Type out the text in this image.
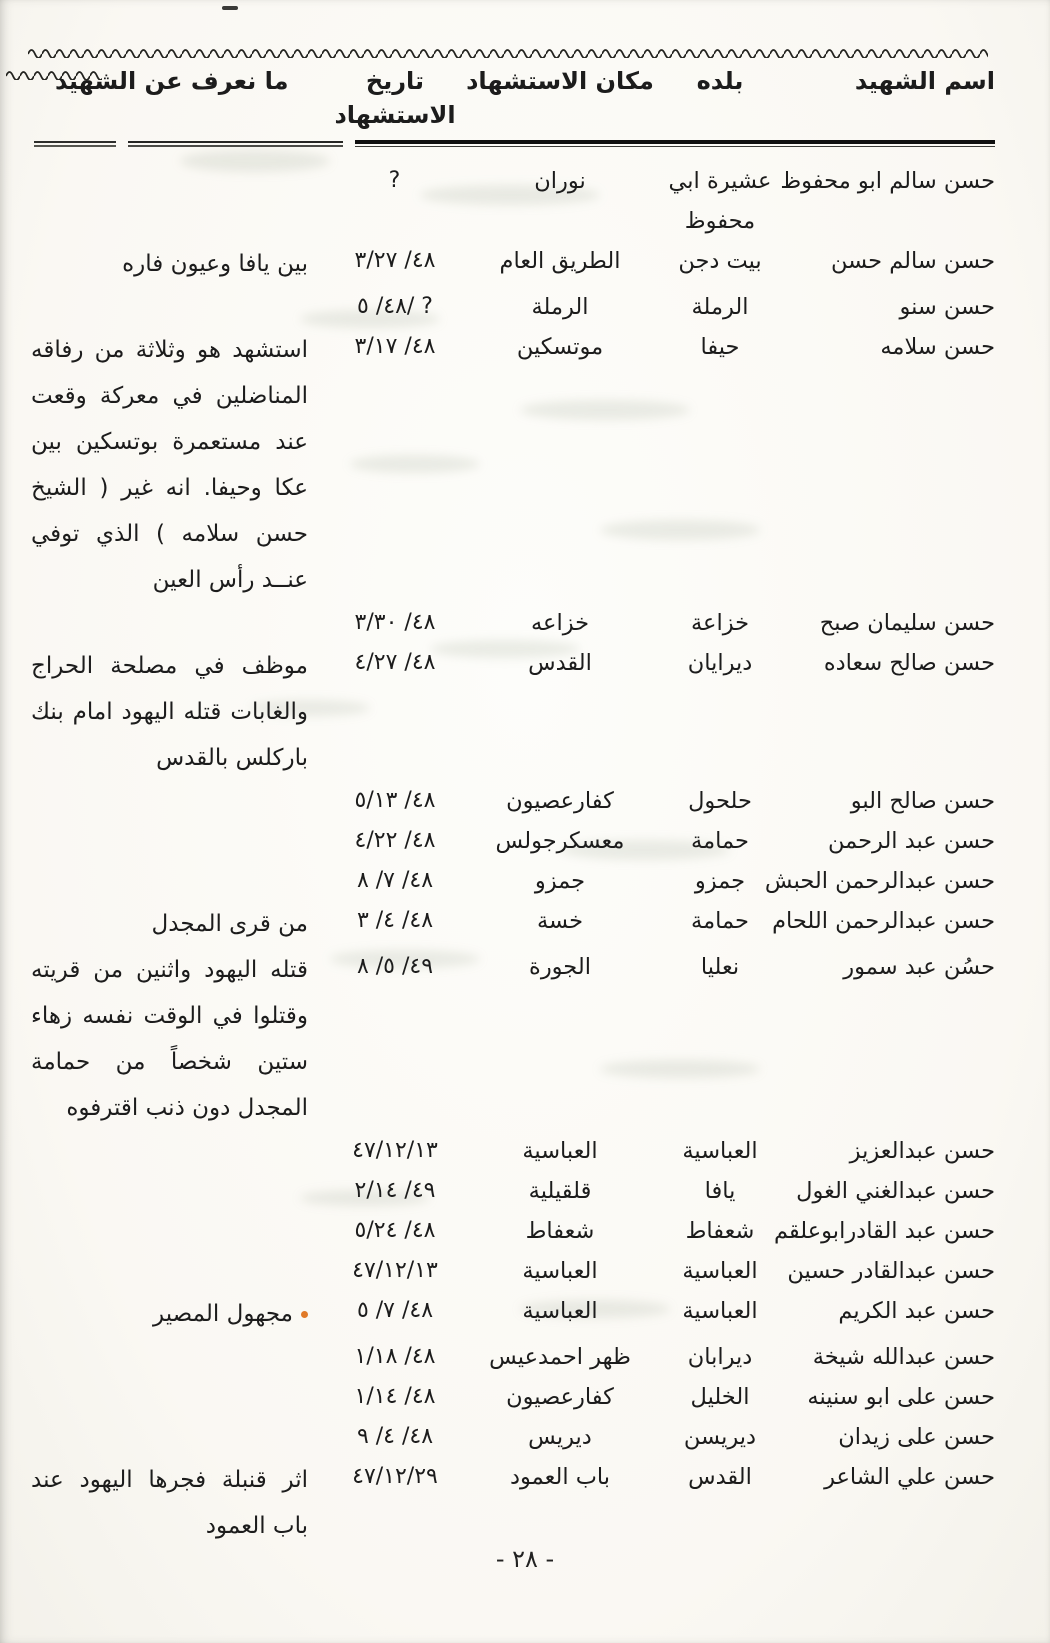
اسم الشهيد
بلده
مكان الاستشهاد
تاريخ الاستشهاد
ما نعرف عن الشهيد
حسن سالم ابو محفوظ
عشيرة ابي محفوظ
نوران
?
حسن سالم حسن
بيت دجن
الطريق العام
٤٨/ ٣/٢٧
بين يافا وعيون فاره
حسن سنو
الرملة
الرملة
٤٨/ ٥/ ?
حسن سلامه
حيفا
موتسكين
٤٨/ ٣/١٧
استشهد هو وثلاثة من رفاقه المناضلين في معركة وقعت عند مستعمرة بوتسكين بين عكا وحيفا. انه غير ( الشيخ حسن سلامه ) الذي توفي عنــد رأس العين
حسن سليمان صبح
خزاعة
خزاعه
٤٨/ ٣/٣٠
حسن صالح سعاده
ديرايان
القدس
٤٨/ ٤/٢٧
موظف في مصلحة الحراج والغابات قتله اليهود امام بنك باركلس بالقدس
حسن صالح البو
حلحول
كفارعصيون
٤٨/ ٥/١٣
حسن عبد الرحمن
حمامة
معسكرجولس
٤٨/ ٤/٢٢
حسن عبدالرحمن الحبش
جمزو
جمزو
٤٨/ ٧/ ٨
حسن عبدالرحمن اللحام
حمامة
خسة
٤٨/ ٤/ ٣
من قرى المجدل
حسُن عبد سمور
نعليا
الجورة
٤٩/ ٥/ ٨
قتله اليهود واثنين من قريته وقتلوا في الوقت نفسه زهاء ستين شخصاً من حمامة المجدل دون ذنب اقترفوه
حسن عبدالعزيز
العباسية
العباسية
٤٧/١٢/١٣
حسن عبدالغني الغول
يافا
قلقيلية
٤٩/ ٢/١٤
حسن عبد القادرابوعلقم
شعفاط
شعفاط
٤٨/ ٥/٢٤
حسن عبدالقادر حسين
العباسية
العباسية
٤٧/١٢/١٣
حسن عبد الكريم
العباسية
العباسية
٤٨/ ٧/ ٥
مجهول المصير
حسن عبدالله شيخة
ديرابان
ظهر احمدعيس
٤٨/ ١/١٨
حسن على ابو سنينه
الخليل
كفارعصيون
٤٨/ ١/١٤
حسن على زيدان
ديريسن
ديريس
٤٨/ ٤/ ٩
حسن علي الشاعر
القدس
باب العمود
٤٧/١٢/٢٩
اثر قنبلة فجرها اليهود عند باب العمود
- ٢٨ -
